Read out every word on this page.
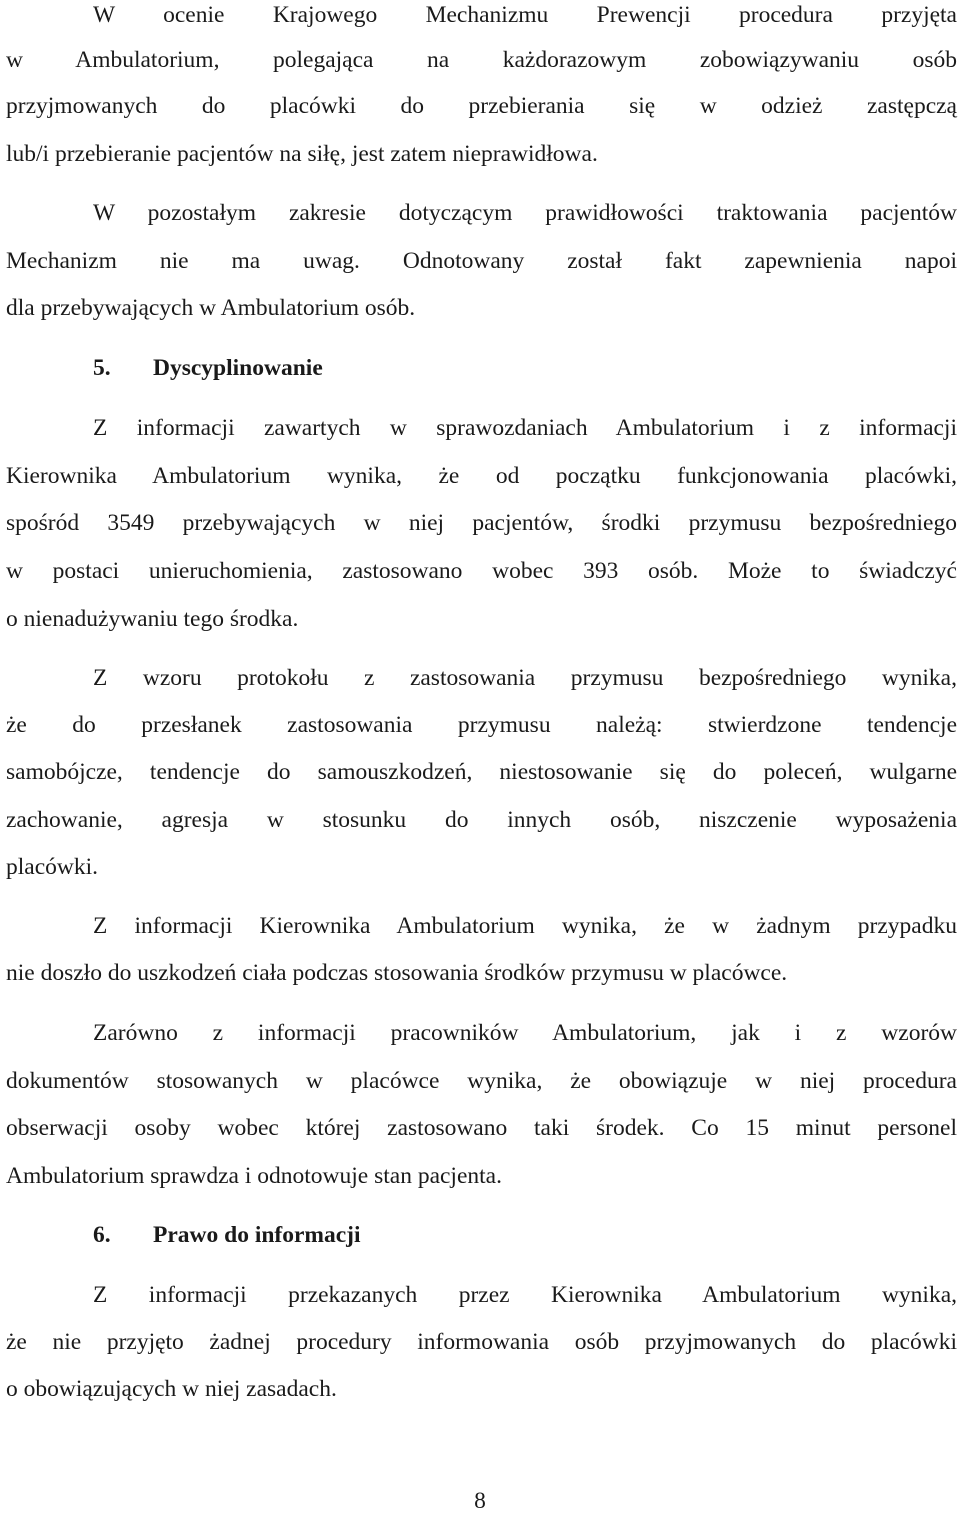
W ocenie Krajowego Mechanizmu Prewencji procedura przyjęta
w Ambulatorium, polegająca na każdorazowym zobowiązywaniu osób
przyjmowanych do placówki do przebierania się w odzież zastępczą
lub/i przebieranie pacjentów na siłę, jest zatem nieprawidłowa.
W pozostałym zakresie dotyczącym prawidłowości traktowania pacjentów
Mechanizm nie ma uwag. Odnotowany został fakt zapewnienia napoi
dla przebywających w Ambulatorium osób.
5. Dyscyplinowanie
Z informacji zawartych w sprawozdaniach Ambulatorium i z informacji
Kierownika Ambulatorium wynika, że od początku funkcjonowania placówki,
spośród 3549 przebywających w niej pacjentów, środki przymusu bezpośredniego
w postaci unieruchomienia, zastosowano wobec 393 osób. Może to świadczyć
o nienadużywaniu tego środka.
Z wzoru protokołu z zastosowania przymusu bezpośredniego wynika,
że do przesłanek zastosowania przymusu należą: stwierdzone tendencje
samobójcze, tendencje do samouszkodzeń, niestosowanie się do poleceń, wulgarne
zachowanie, agresja w stosunku do innych osób, niszczenie wyposażenia
placówki.
Z informacji Kierownika Ambulatorium wynika, że w żadnym przypadku
nie doszło do uszkodzeń ciała podczas stosowania środków przymusu w placówce.
Zarówno z informacji pracowników Ambulatorium, jak i z wzorów
dokumentów stosowanych w placówce wynika, że obowiązuje w niej procedura
obserwacji osoby wobec której zastosowano taki środek. Co 15 minut personel
Ambulatorium sprawdza i odnotowuje stan pacjenta.
6. Prawo do informacji
Z informacji przekazanych przez Kierownika Ambulatorium wynika,
że nie przyjęto żadnej procedury informowania osób przyjmowanych do placówki
o obowiązujących w niej zasadach.
8
